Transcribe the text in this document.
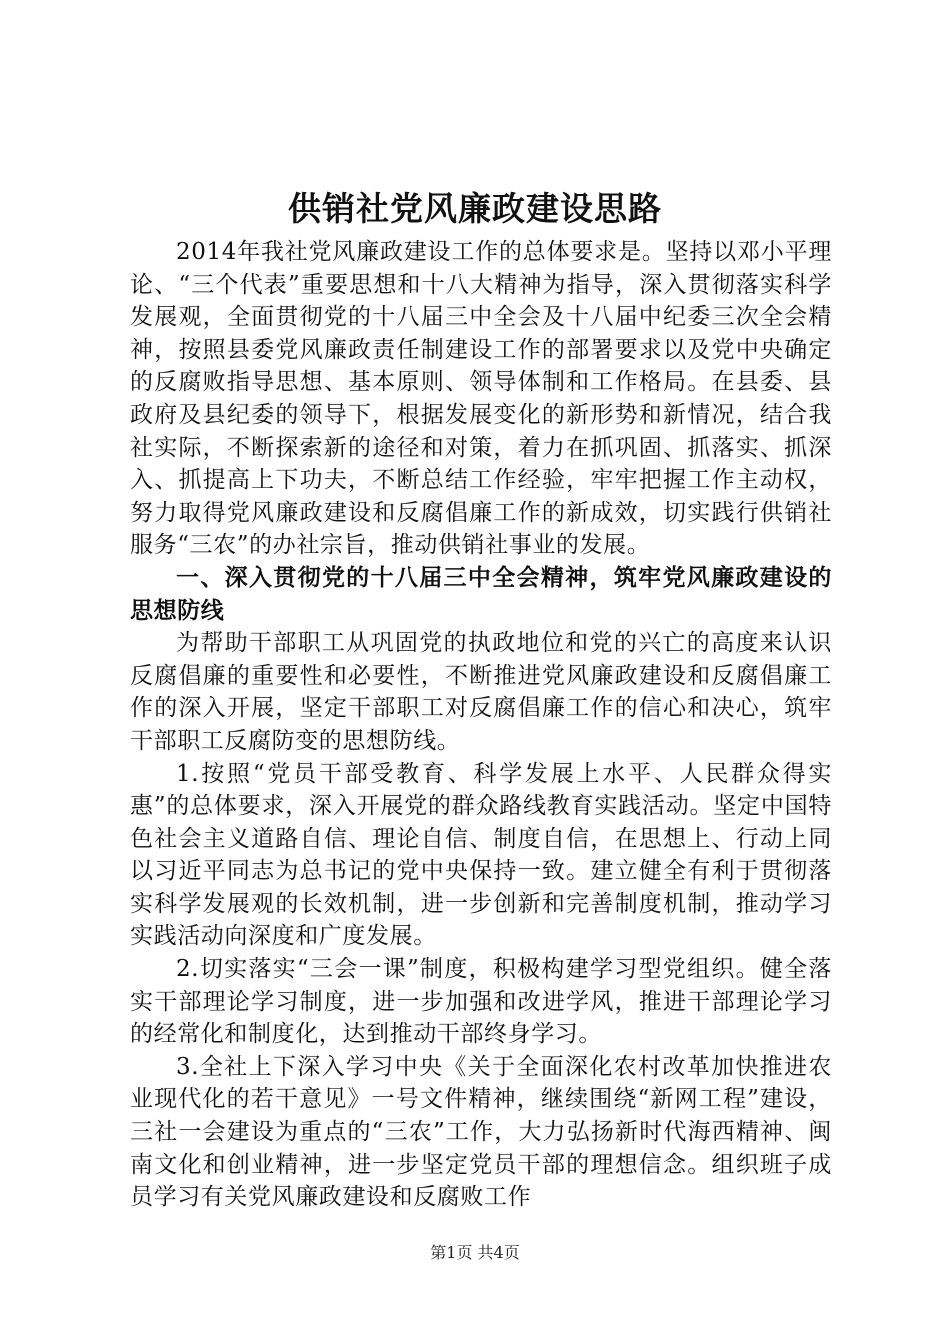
供销社党风廉政建设思路

2014年我社党风廉政建设工作的总体要求是。坚持以邓小平理论、“三个代表”重要思想和十八大精神为指导，深入贯彻落实科学发展观，全面贯彻党的十八届三中全会及十八届中纪委三次全会精神，按照县委党风廉政责任制建设工作的部署要求以及党中央确定的反腐败指导思想、基本原则、领导体制和工作格局。在县委、县政府及县纪委的领导下，根据发展变化的新形势和新情况，结合我社实际，不断探索新的途径和对策，着力在抓巩固、抓落实、抓深入、抓提高上下功夫，不断总结工作经验，牢牢把握工作主动权，努力取得党风廉政建设和反腐倡廉工作的新成效，切实践行供销社服务“三农”的办社宗旨，推动供销社事业的发展。

一、深入贯彻党的十八届三中全会精神，筑牢党风廉政建设的思想防线

为帮助干部职工从巩固党的执政地位和党的兴亡的高度来认识反腐倡廉的重要性和必要性，不断推进党风廉政建设和反腐倡廉工作的深入开展，坚定干部职工对反腐倡廉工作的信心和决心，筑牢干部职工反腐防变的思想防线。

1.按照“党员干部受教育、科学发展上水平、人民群众得实惠”的总体要求，深入开展党的群众路线教育实践活动。坚定中国特色社会主义道路自信、理论自信、制度自信，在思想上、行动上同以习近平同志为总书记的党中央保持一致。建立健全有利于贯彻落实科学发展观的长效机制，进一步创新和完善制度机制，推动学习实践活动向深度和广度发展。

2.切实落实“三会一课”制度，积极构建学习型党组织。健全落实干部理论学习制度，进一步加强和改进学风，推进干部理论学习的经常化和制度化，达到推动干部终身学习。

3.全社上下深入学习中央《关于全面深化农村改革加快推进农业现代化的若干意见》一号文件精神，继续围绕“新网工程”建设，三社一会建设为重点的“三农”工作，大力弘扬新时代海西精神、闽南文化和创业精神，进一步坚定党员干部的理想信念。组织班子成员学习有关党风廉政建设和反腐败工作

第1页 共4页
